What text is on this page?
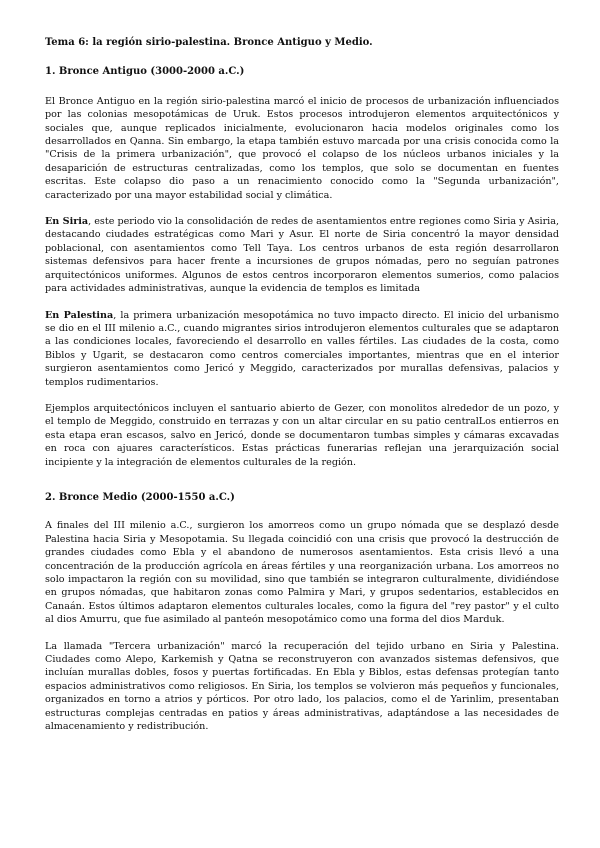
Tema 6: la región sirio-palestina. Bronce Antiguo y Medio.
1. Bronce Antiguo (3000-2000 a.C.)

El Bronce Antiguo en la región sirio-palestina marcó el inicio de procesos de urbanización influenciados por las colonias mesopotámicas de Uruk. Estos procesos introdujeron elementos arquitectónicos y sociales que, aunque replicados inicialmente, evolucionaron hacia modelos originales como los desarrollados en Qanna. Sin embargo, la etapa también estuvo marcada por una crisis conocida como la "Crisis de la primera urbanización", que provocó el colapso de los núcleos urbanos iniciales y la desaparición de estructuras centralizadas, como los templos, que solo se documentan en fuentes escritas. Este colapso dio paso a un renacimiento conocido como la "Segunda urbanización", caracterizado por una mayor estabilidad social y climática.

En Siria, este periodo vio la consolidación de redes de asentamientos entre regiones como Siria y Asiria, destacando ciudades estratégicas como Mari y Asur. El norte de Siria concentró la mayor densidad poblacional, con asentamientos como Tell Taya. Los centros urbanos de esta región desarrollaron sistemas defensivos para hacer frente a incursiones de grupos nómadas, pero no seguían patrones arquitectónicos uniformes. Algunos de estos centros incorporaron elementos sumerios, como palacios para actividades administrativas, aunque la evidencia de templos es limitada

En Palestina, la primera urbanización mesopotámica no tuvo impacto directo. El inicio del urbanismo se dio en el III milenio a.C., cuando migrantes sirios introdujeron elementos culturales que se adaptaron a las condiciones locales, favoreciendo el desarrollo en valles fértiles. Las ciudades de la costa, como Biblos y Ugarit, se destacaron como centros comerciales importantes, mientras que en el interior surgieron asentamientos como Jericó y Meggido, caracterizados por murallas defensivas, palacios y templos rudimentarios.

Ejemplos arquitectónicos incluyen el santuario abierto de Gezer, con monolitos alrededor de un pozo, y el templo de Meggido, construido en terrazas y con un altar circular en su patio centralLos entierros en esta etapa eran escasos, salvo en Jericó, donde se documentaron tumbas simples y cámaras excavadas en roca con ajuares característicos. Estas prácticas funerarias reflejan una jerarquización social incipiente y la integración de elementos culturales de la región.

2. Bronce Medio (2000-1550 a.C.)

A finales del III milenio a.C., surgieron los amorreos como un grupo nómada que se desplazó desde Palestina hacia Siria y Mesopotamia. Su llegada coincidió con una crisis que provocó la destrucción de grandes ciudades como Ebla y el abandono de numerosos asentamientos. Esta crisis llevó a una concentración de la producción agrícola en áreas fértiles y una reorganización urbana. Los amorreos no solo impactaron la región con su movilidad, sino que también se integraron culturalmente, dividiéndose en grupos nómadas, que habitaron zonas como Palmira y Mari, y grupos sedentarios, establecidos en Canaán. Estos últimos adaptaron elementos culturales locales, como la figura del "rey pastor" y el culto al dios Amurru, que fue asimilado al panteón mesopotámico como una forma del dios Marduk.

La llamada "Tercera urbanización" marcó la recuperación del tejido urbano en Siria y Palestina. Ciudades como Alepo, Karkemish y Qatna se reconstruyeron con avanzados sistemas defensivos, que incluían murallas dobles, fosos y puertas fortificadas. En Ebla y Biblos, estas defensas protegían tanto espacios administrativos como religiosos. En Siria, los templos se volvieron más pequeños y funcionales, organizados en torno a atrios y pórticos. Por otro lado, los palacios, como el de Yarinlim, presentaban estructuras complejas centradas en patios y áreas administrativas, adaptándose a las necesidades de almacenamiento y redistribución.
